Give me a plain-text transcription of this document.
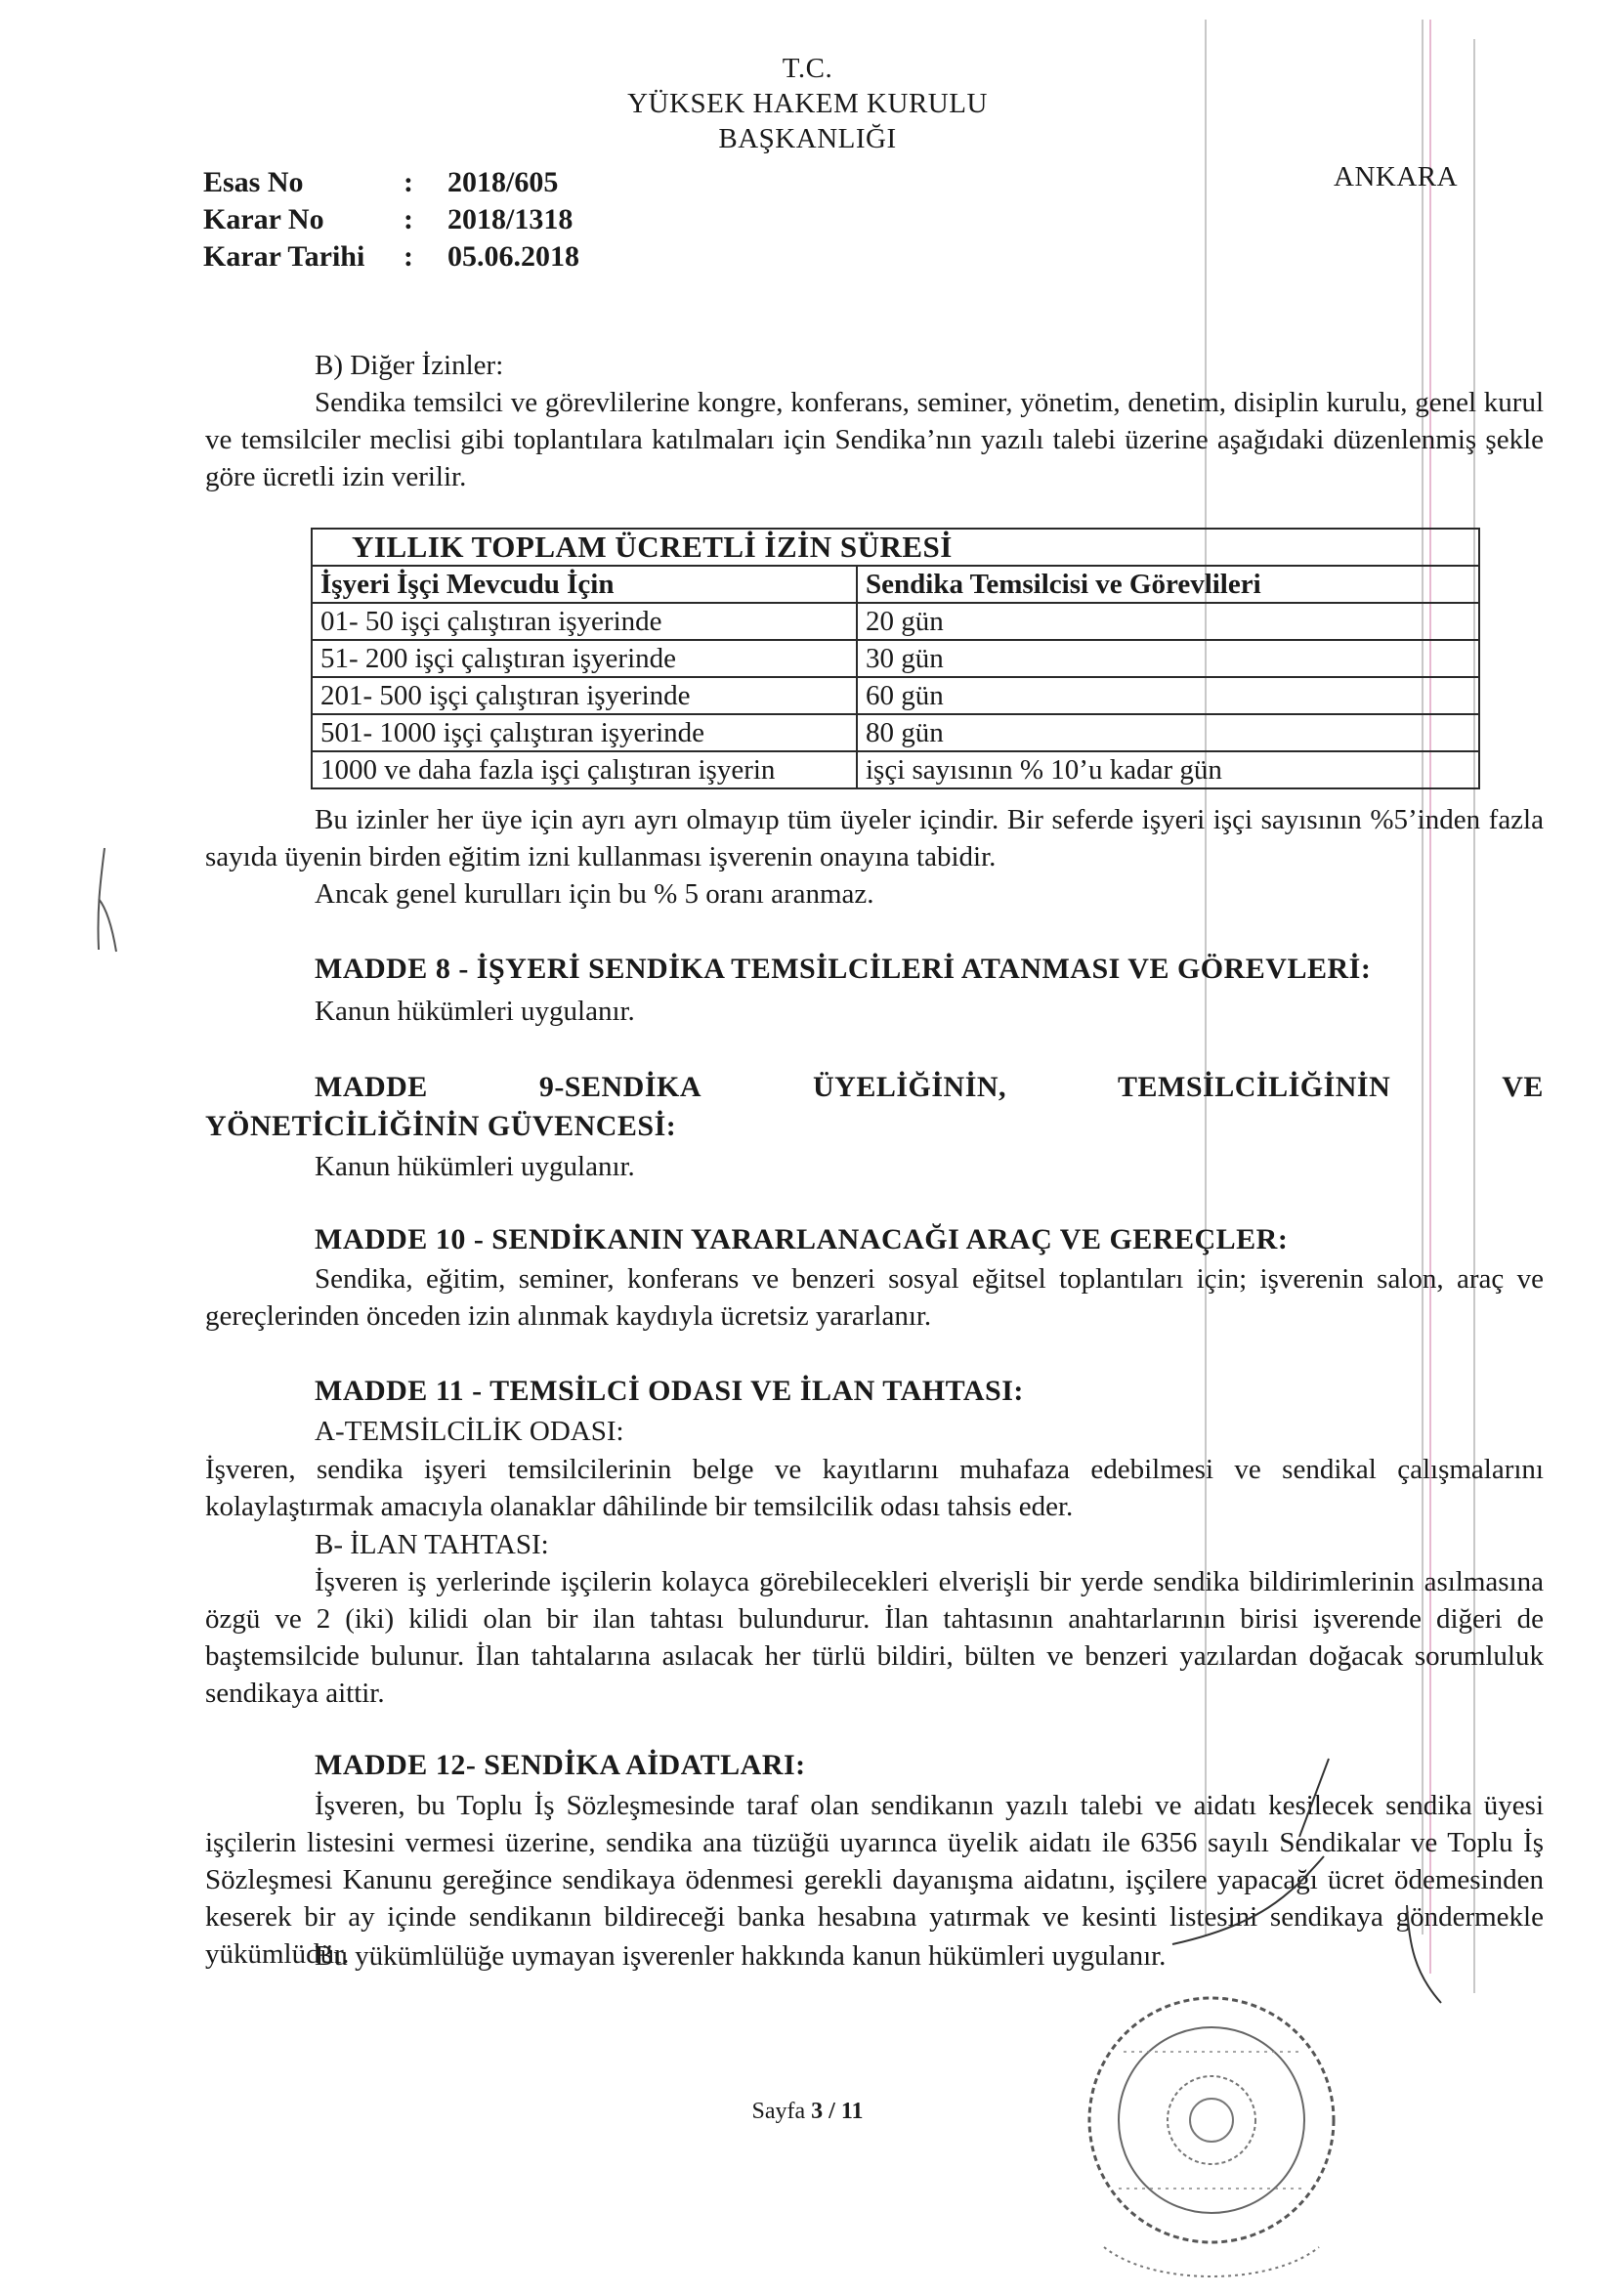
T.C.
YÜKSEK HAKEM KURULU
BAŞKANLIĞI
ANKARA
Esas No	: 2018/605
Karar No	: 2018/1318
Karar Tarihi : 05.06.2018
B) Diğer İzinler:
Sendika temsilci ve görevlilerine kongre, konferans, seminer, yönetim, denetim, disiplin kurulu, genel kurul ve temsilciler meclisi gibi toplantılara katılmaları için Sendika’nın yazılı talebi üzerine aşağıdaki düzenlenmiş şekle göre ücretli izin verilir.
YILLIK TOPLAM ÜCRETLİ İZİN SÜRESİ	
İşyeri İşçi Mevcudu İçin	Sendika Temsilcisi ve Görevlileri
01- 50 işçi çalıştıran işyerinde	20 gün
51- 200 işçi çalıştıran işyerinde	30 gün
201- 500 işçi çalıştıran işyerinde	60 gün
501- 1000 işçi çalıştıran işyerinde	80 gün
1000 ve daha fazla işçi çalıştıran işyerin	işçi sayısının % 10’u kadar gün
Bu izinler her üye için ayrı ayrı olmayıp tüm üyeler içindir. Bir seferde işyeri işçi sayısının %5’inden fazla sayıda üyenin birden eğitim izni kullanması işverenin onayına tabidir.
Ancak genel kurulları için bu % 5 oranı aranmaz.
MADDE 8 - İŞYERİ SENDİKA TEMSİLCİLERİ ATANMASI VE GÖREVLERİ:
Kanun hükümleri uygulanır.
MADDE	9-SENDİKA	ÜYELİĞİNİN,	TEMSİLCİLİĞİNİN	VE
YÖNETİCİLİĞİNİN GÜVENCESİ:
Kanun hükümleri uygulanır.
MADDE 10 - SENDİKANIN YARARLANACAĞI ARAÇ VE GEREÇLER:
Sendika, eğitim, seminer, konferans ve benzeri sosyal eğitsel toplantıları için; işverenin salon, araç ve gereçlerinden önceden izin alınmak kaydıyla ücretsiz yararlanır.
MADDE 11 - TEMSİLCİ ODASI VE İLAN TAHTASI:
A-TEMSİLCİLİK ODASI:
İşveren, sendika işyeri temsilcilerinin belge ve kayıtlarını muhafaza edebilmesi ve sendikal çalışmalarını kolaylaştırmak amacıyla olanaklar dâhilinde bir temsilcilik odası tahsis eder.
B- İLAN TAHTASI:
İşveren iş yerlerinde işçilerin kolayca görebilecekleri elverişli bir yerde sendika bildirimlerinin asılmasına özgü ve 2 (iki) kilidi olan bir ilan tahtası bulundurur. İlan tahtasının anahtarlarının birisi işverende diğeri de baştemsilcide bulunur. İlan tahtalarına asılacak her türlü bildiri, bülten ve benzeri yazılardan doğacak sorumluluk sendikaya aittir.
MADDE 12- SENDİKA AİDATLARI:
İşveren, bu Toplu İş Sözleşmesinde taraf olan sendikanın yazılı talebi ve aidatı kesilecek sendika üyesi işçilerin listesini vermesi üzerine, sendika ana tüzüğü uyarınca üyelik aidatı ile 6356 sayılı Sendikalar ve Toplu İş Sözleşmesi Kanunu gereğince sendikaya ödenmesi gerekli dayanışma aidatını, işçilere yapacağı ücret ödemesinden keserek bir ay içinde sendikanın bildireceği banka hesabına yatırmak ve kesinti listesini sendikaya göndermekle yükümlüdür.
Bu yükümlülüğe uymayan işverenler hakkında kanun hükümleri uygulanır.
Sayfa 3 / 11
